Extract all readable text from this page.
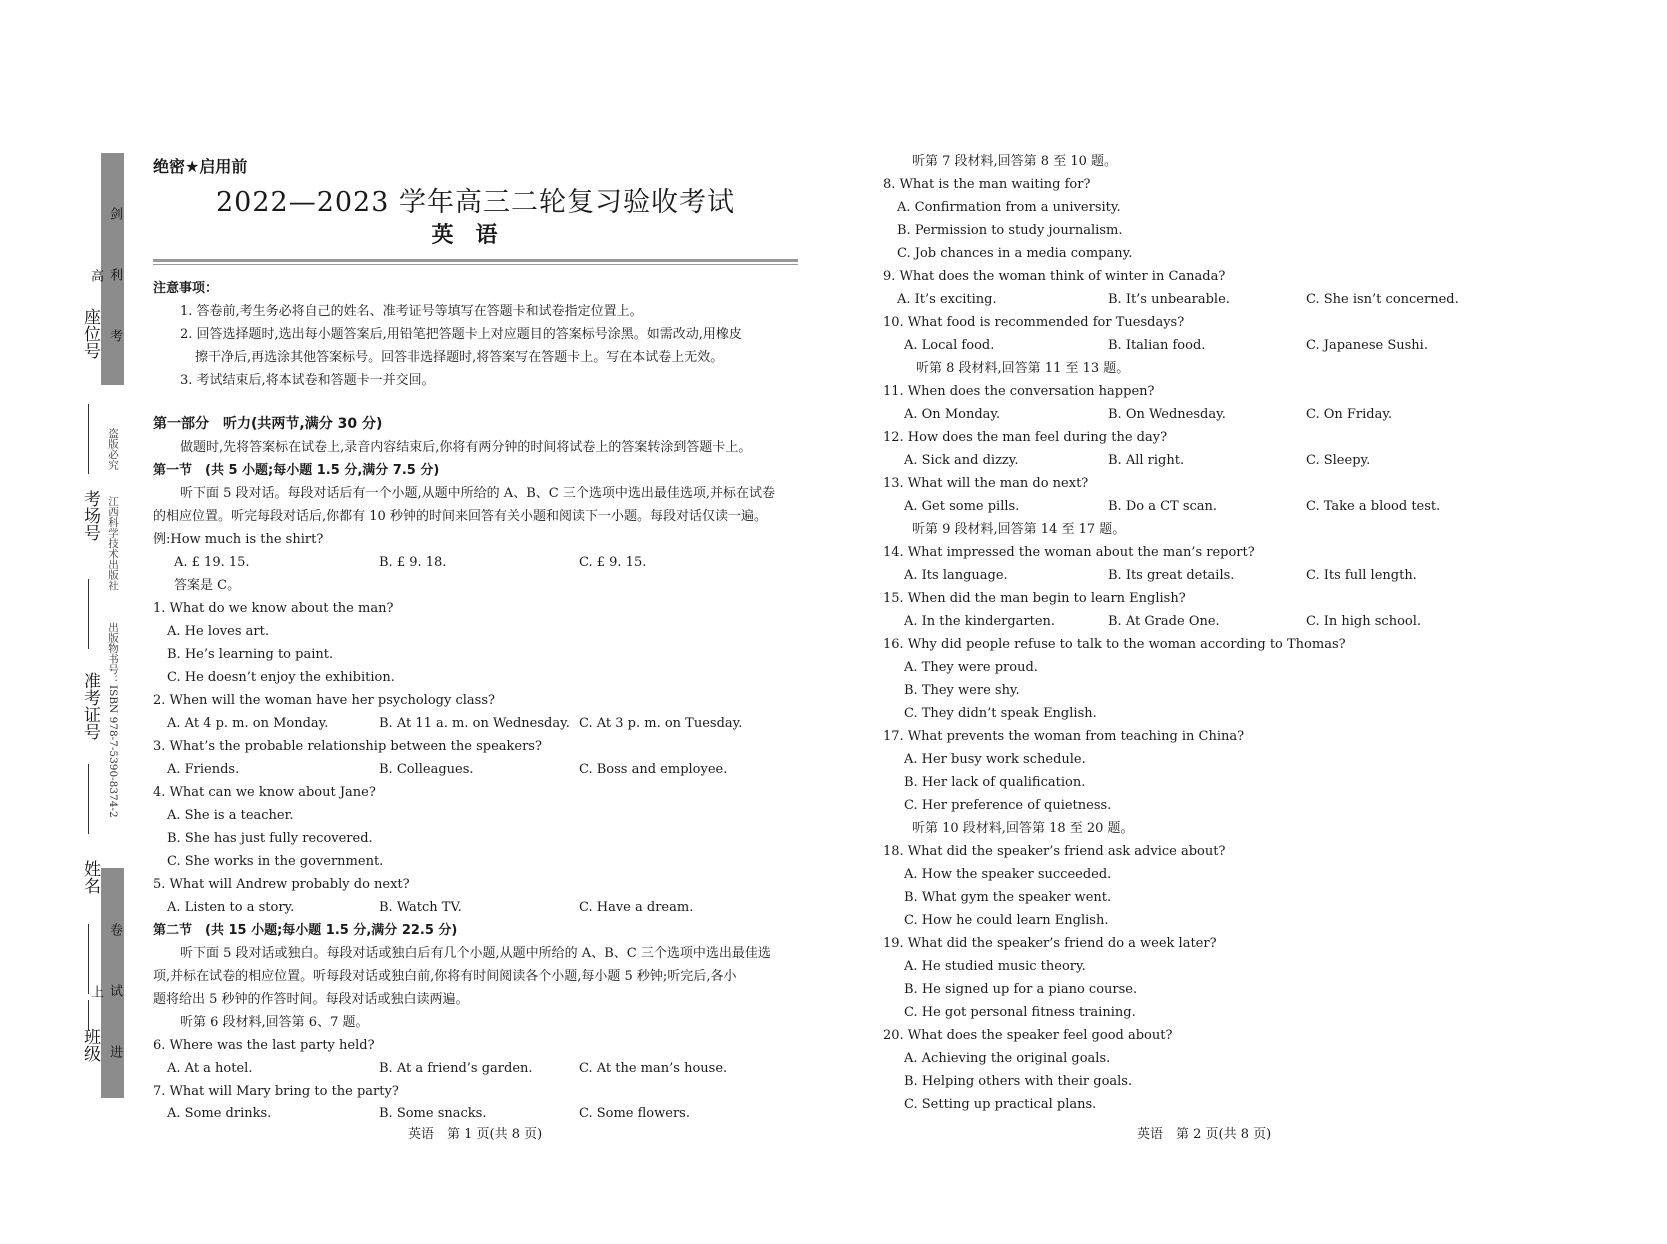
剑 利 考 高
卷 试 进 上
盗版必究
江西科学技术出版社
出版物书号：ISBN 978-7-5390-8374-2
座位号
考场号
准考证号
姓名
班级
绝密★启用前
2022—2023 学年高三二轮复习验收考试
英语
注意事项：
1. 答卷前,考生务必将自己的姓名、准考证号等填写在答题卡和试卷指定位置上。
2. 回答选择题时,选出每小题答案后,用铅笔把答题卡上对应题目的答案标号涂黑。如需改动,用橡皮
擦干净后,再选涂其他答案标号。回答非选择题时,将答案写在答题卡上。写在本试卷上无效。
3. 考试结束后,将本试卷和答题卡一并交回。
第一部分　听力(共两节,满分 30 分)
做题时,先将答案标在试卷上,录音内容结束后,你将有两分钟的时间将试卷上的答案转涂到答题卡上。
第一节　(共 5 小题;每小题 1.5 分,满分 7.5 分)
听下面 5 段对话。每段对话后有一个小题,从题中所给的 A、B、C 三个选项中选出最佳选项,并标在试卷
的相应位置。听完每段对话后,你都有 10 秒钟的时间来回答有关小题和阅读下一小题。每段对话仅读一遍。
例:How much is the shirt?
A. £ 19. 15.	B. £ 9. 18.	C. £ 9. 15.
答案是 C。
1. What do we know about the man?
A. He loves art.
B. He’s learning to paint.
C. He doesn’t enjoy the exhibition.
2. When will the woman have her psychology class?
A. At 4 p. m. on Monday.	B. At 11 a. m. on Wednesday. C. At 3 p. m. on Tuesday.
3. What’s the probable relationship between the speakers?
A. Friends.	B. Colleagues.	C. Boss and employee.
4. What can we know about Jane?
A. She is a teacher.
B. She has just fully recovered.
C. She works in the government.
5. What will Andrew probably do next?
A. Listen to a story.	B. Watch TV.	C. Have a dream.
第二节　(共 15 小题;每小题 1.5 分,满分 22.5 分)
听下面 5 段对话或独白。每段对话或独白后有几个小题,从题中所给的 A、B、C 三个选项中选出最佳选
项,并标在试卷的相应位置。听每段对话或独白前,你将有时间阅读各个小题,每小题 5 秒钟;听完后,各小
题将给出 5 秒钟的作答时间。每段对话或独白读两遍。
听第 6 段材料,回答第 6、7 题。
6. Where was the last party held?
A. At a hotel.	B. At a friend’s garden.	C. At the man’s house.
7. What will Mary bring to the party?
A. Some drinks.	B. Some snacks.	C. Some flowers.
英语　第 1 页(共 8 页)
听第 7 段材料,回答第 8 至 10 题。
8. What is the man waiting for?
A. Confirmation from a university.
B. Permission to study journalism.
C. Job chances in a media company.
9. What does the woman think of winter in Canada?
A. It’s exciting.	B. It’s unbearable.	C. She isn’t concerned.
10. What food is recommended for Tuesdays?
A. Local food.	B. Italian food.	C. Japanese Sushi.
听第 8 段材料,回答第 11 至 13 题。
11. When does the conversation happen?
A. On Monday.	B. On Wednesday.	C. On Friday.
12. How does the man feel during the day?
A. Sick and dizzy.	B. All right.	C. Sleepy.
13. What will the man do next?
A. Get some pills.	B. Do a CT scan.	C. Take a blood test.
听第 9 段材料,回答第 14 至 17 题。
14. What impressed the woman about the man’s report?
A. Its language.	B. Its great details.	C. Its full length.
15. When did the man begin to learn English?
A. In the kindergarten.	B. At Grade One.	C. In high school.
16. Why did people refuse to talk to the woman according to Thomas?
A. They were proud.
B. They were shy.
C. They didn’t speak English.
17. What prevents the woman from teaching in China?
A. Her busy work schedule.
B. Her lack of qualification.
C. Her preference of quietness.
听第 10 段材料,回答第 18 至 20 题。
18. What did the speaker’s friend ask advice about?
A. How the speaker succeeded.
B. What gym the speaker went.
C. How he could learn English.
19. What did the speaker’s friend do a week later?
A. He studied music theory.
B. He signed up for a piano course.
C. He got personal fitness training.
20. What does the speaker feel good about?
A. Achieving the original goals.
B. Helping others with their goals.
C. Setting up practical plans.
英语　第 2 页(共 8 页)
